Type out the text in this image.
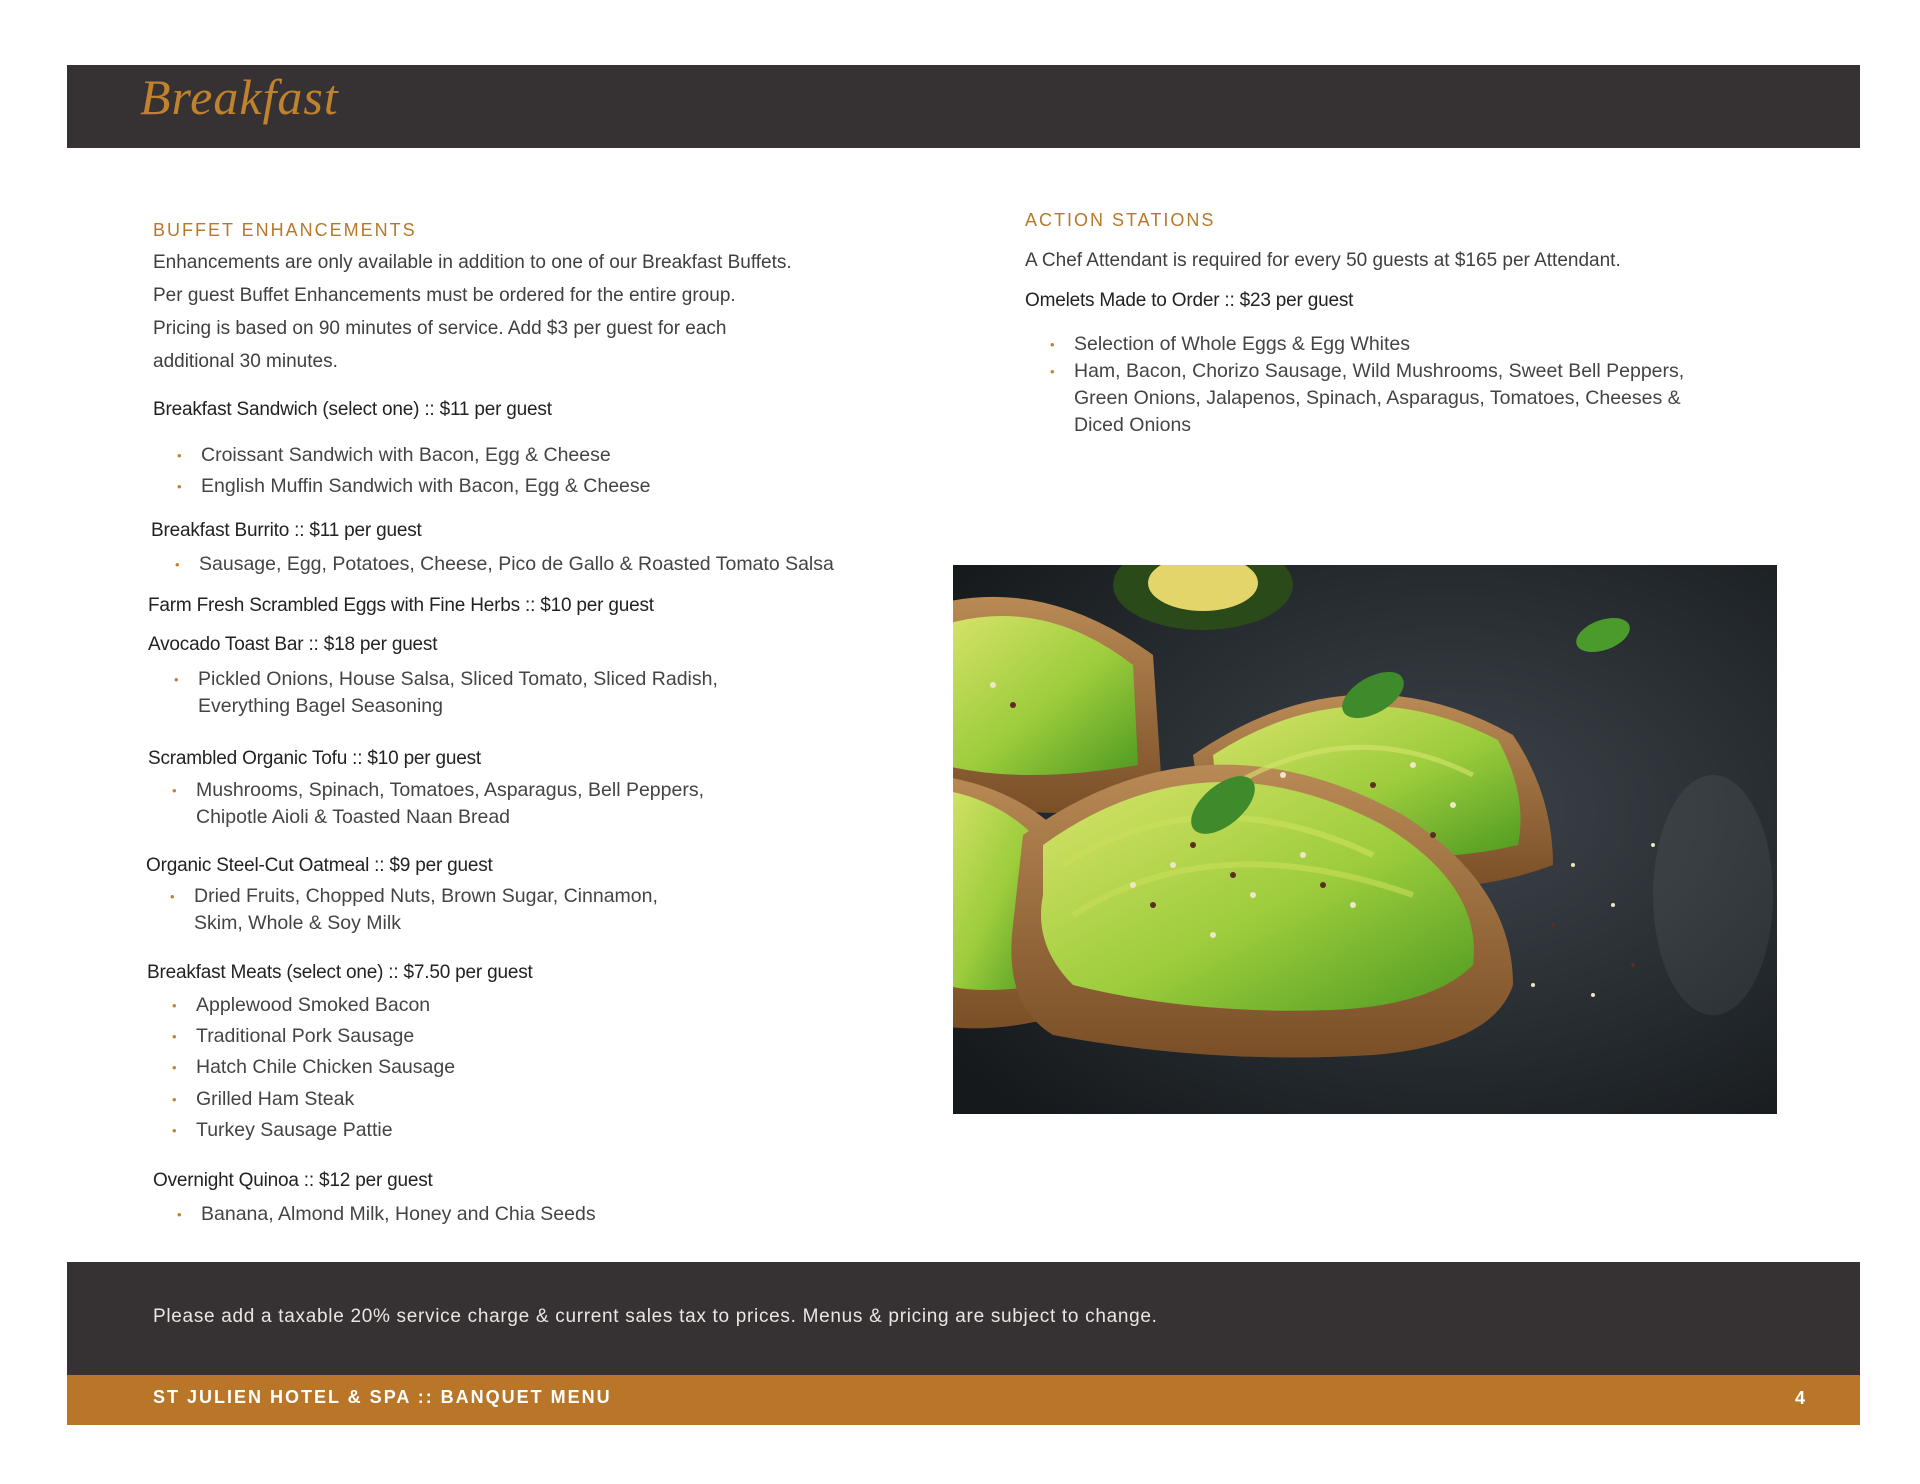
Breakfast
BUFFET ENHANCEMENTS
Enhancements are only available in addition to one of our Breakfast Buffets.
Per guest Buffet Enhancements must be ordered for the entire group.
Pricing is based on 90 minutes of service. Add $3 per guest for each
additional 30 minutes.
Breakfast Sandwich (select one) :: $11 per guest
• Croissant Sandwich with Bacon, Egg & Cheese
• English Muffin Sandwich with Bacon, Egg & Cheese
Breakfast Burrito :: $11 per guest
• Sausage, Egg, Potatoes, Cheese, Pico de Gallo & Roasted Tomato Salsa
Farm Fresh Scrambled Eggs with Fine Herbs :: $10 per guest
Avocado Toast Bar :: $18 per guest
• Pickled Onions, House Salsa, Sliced Tomato, Sliced Radish,
Everything Bagel Seasoning
Scrambled Organic Tofu :: $10 per guest
• Mushrooms, Spinach, Tomatoes, Asparagus, Bell Peppers,
Chipotle Aioli & Toasted Naan Bread
Organic Steel-Cut Oatmeal :: $9 per guest
• Dried Fruits, Chopped Nuts, Brown Sugar, Cinnamon,
Skim, Whole & Soy Milk
Breakfast Meats (select one) :: $7.50 per guest
• Applewood Smoked Bacon
• Traditional Pork Sausage
• Hatch Chile Chicken Sausage
• Grilled Ham Steak
• Turkey Sausage Pattie
Overnight Quinoa :: $12 per guest
• Banana, Almond Milk, Honey and Chia Seeds
ACTION STATIONS
A Chef Attendant is required for every 50 guests at $165 per Attendant.
Omelets Made to Order :: $23 per guest
• Selection of Whole Eggs & Egg Whites
• Ham, Bacon, Chorizo Sausage, Wild Mushrooms, Sweet Bell Peppers,
Green Onions, Jalapenos, Spinach, Asparagus, Tomatoes, Cheeses &
Diced Onions
Please add a taxable 20% service charge & current sales tax to prices. Menus & pricing are subject to change.
ST JULIEN HOTEL & SPA :: BANQUET MENU	4
